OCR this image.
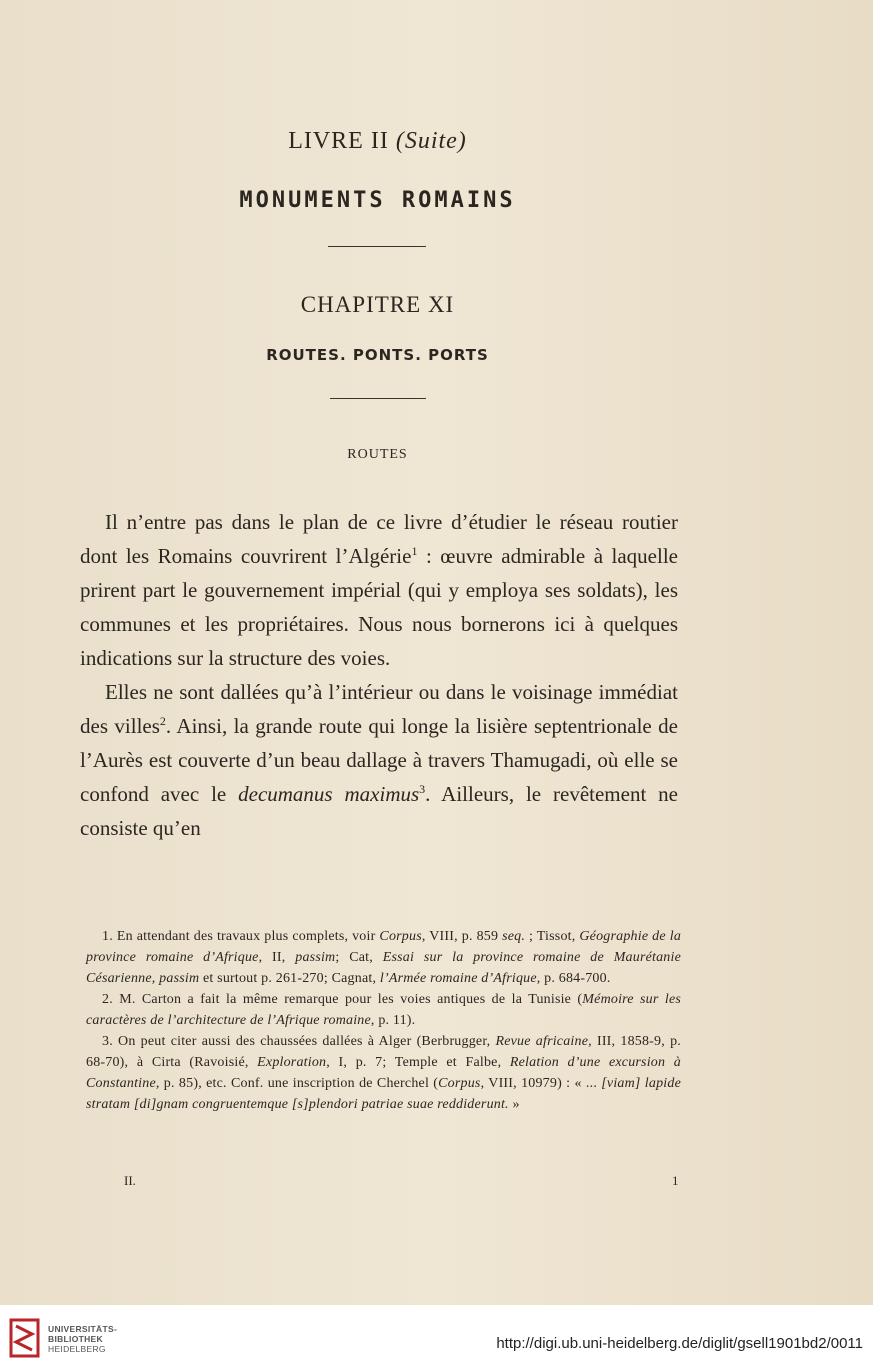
LIVRE II (Suite)
MONUMENTS ROMAINS
CHAPITRE XI
ROUTES. PONTS. PORTS
ROUTES

Il n’entre pas dans le plan de ce livre d’étudier le réseau routier dont les Romains couvrirent l’Algérie$^1$ : œuvre admirable à laquelle prirent part le gouvernement impérial (qui y employa ses soldats), les communes et les propriétaires. Nous nous bornerons ici à quelques indications sur la structure des voies.

Elles ne sont dallées qu’à l’intérieur ou dans le voisinage immédiat des villes$^2$. Ainsi, la grande route qui longe la lisière septentrionale de l’Aurès est couverte d’un beau dallage à travers Thamugadi, où elle se confond avec le decumanus maximus$^3$. Ailleurs, le revêtement ne consiste qu’en

1. En attendant des travaux plus complets, voir Corpus, VIII, p. 859 seq. ; Tissot, Géographie de la province romaine d’Afrique, II, passim; Cat, Essai sur la province romaine de Maurétanie Césarienne, passim et surtout p. 261-270; Cagnat, l’Armée romaine d’Afrique, p. 684-700.

2. M. Carton a fait la même remarque pour les voies antiques de la Tunisie (Mémoire sur les caractères de l’architecture de l’Afrique romaine, p. 11).

3. On peut citer aussi des chaussées dallées à Alger (Berbrugger, Revue africaine, III, 1858-9, p. 68-70), à Cirta (Ravoisié, Exploration, I, p. 7; Temple et Falbe, Relation d’une excursion à Constantine, p. 85), etc. Conf. une inscription de Cherchel (Corpus, VIII, 10979) : « ... [viam] lapide stratam [di]gnam congruentemque [s]plendori patriae suae reddiderunt. »

II.	1
UNIVERSITÄTS-
BIBLIOTHEK
HEIDELBERG	http://digi.ub.uni-heidelberg.de/diglit/gsell1901bd2/0011
